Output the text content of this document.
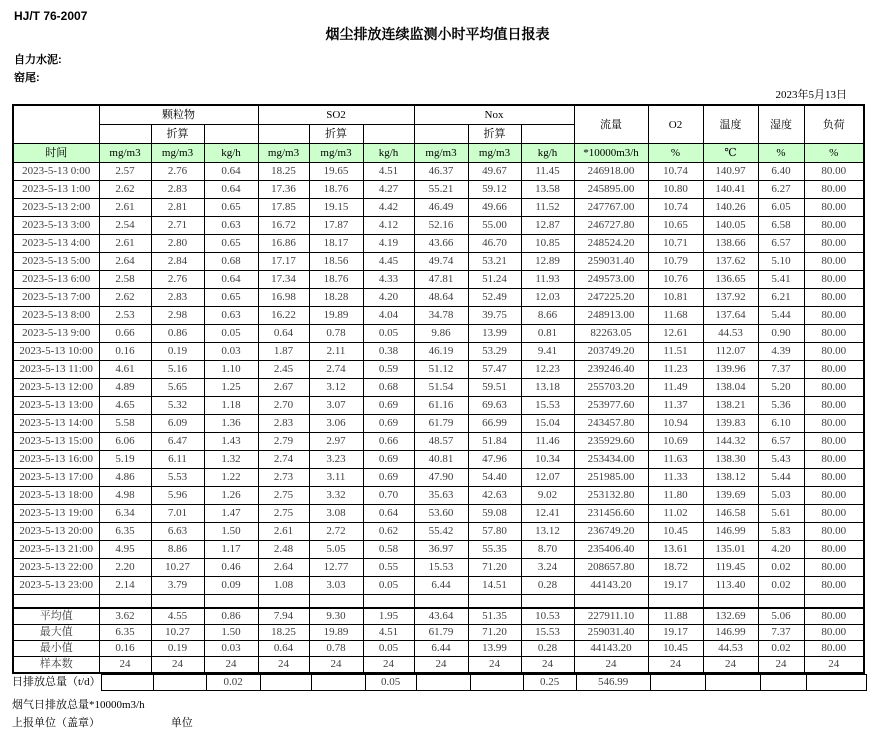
HJ/T 76-2007
烟尘排放连续监测小时平均值日报表
自力水泥:
窑尾:
2023年5月13日
	颗粒物			SO2			Nox			流量	O2	温度	湿度	负荷
		折算			折算			折算						
时间	mg/m3	mg/m3	kg/h	mg/m3	mg/m3	kg/h	mg/m3	mg/m3	kg/h	*10000m3/h	%	℃	%	%
2023-5-13 0:00	2.57	2.76	0.64	18.25	19.65	4.51	46.37	49.67	11.45	246918.00	10.74	140.97	6.40	80.00
2023-5-13 1:00	2.62	2.83	0.64	17.36	18.76	4.27	55.21	59.12	13.58	245895.00	10.80	140.41	6.27	80.00
2023-5-13 2:00	2.61	2.81	0.65	17.85	19.15	4.42	46.49	49.66	11.52	247767.00	10.74	140.26	6.05	80.00
2023-5-13 3:00	2.54	2.71	0.63	16.72	17.87	4.12	52.16	55.00	12.87	246727.80	10.65	140.05	6.58	80.00
2023-5-13 4:00	2.61	2.80	0.65	16.86	18.17	4.19	43.66	46.70	10.85	248524.20	10.71	138.66	6.57	80.00
2023-5-13 5:00	2.64	2.84	0.68	17.17	18.56	4.45	49.74	53.21	12.89	259031.40	10.79	137.62	5.10	80.00
2023-5-13 6:00	2.58	2.76	0.64	17.34	18.76	4.33	47.81	51.24	11.93	249573.00	10.76	136.65	5.41	80.00
2023-5-13 7:00	2.62	2.83	0.65	16.98	18.28	4.20	48.64	52.49	12.03	247225.20	10.81	137.92	6.21	80.00
2023-5-13 8:00	2.53	2.98	0.63	16.22	19.89	4.04	34.78	39.75	8.66	248913.00	11.68	137.64	5.44	80.00
2023-5-13 9:00	0.66	0.86	0.05	0.64	0.78	0.05	9.86	13.99	0.81	82263.05	12.61	44.53	0.90	80.00
2023-5-13 10:00	0.16	0.19	0.03	1.87	2.11	0.38	46.19	53.29	9.41	203749.20	11.51	112.07	4.39	80.00
2023-5-13 11:00	4.61	5.16	1.10	2.45	2.74	0.59	51.12	57.47	12.23	239246.40	11.23	139.96	7.37	80.00
2023-5-13 12:00	4.89	5.65	1.25	2.67	3.12	0.68	51.54	59.51	13.18	255703.20	11.49	138.04	5.20	80.00
2023-5-13 13:00	4.65	5.32	1.18	2.70	3.07	0.69	61.16	69.63	15.53	253977.60	11.37	138.21	5.36	80.00
2023-5-13 14:00	5.58	6.09	1.36	2.83	3.06	0.69	61.79	66.99	15.04	243457.80	10.94	139.83	6.10	80.00
2023-5-13 15:00	6.06	6.47	1.43	2.79	2.97	0.66	48.57	51.84	11.46	235929.60	10.69	144.32	6.57	80.00
2023-5-13 16:00	5.19	6.11	1.32	2.74	3.23	0.69	40.81	47.96	10.34	253434.00	11.63	138.30	5.43	80.00
2023-5-13 17:00	4.86	5.53	1.22	2.73	3.11	0.69	47.90	54.40	12.07	251985.00	11.33	138.12	5.44	80.00
2023-5-13 18:00	4.98	5.96	1.26	2.75	3.32	0.70	35.63	42.63	9.02	253132.80	11.80	139.69	5.03	80.00
2023-5-13 19:00	6.34	7.01	1.47	2.75	3.08	0.64	53.60	59.08	12.41	231456.60	11.02	146.58	5.61	80.00
2023-5-13 20:00	6.35	6.63	1.50	2.61	2.72	0.62	55.42	57.80	13.12	236749.20	10.45	146.99	5.83	80.00
2023-5-13 21:00	4.95	8.86	1.17	2.48	5.05	0.58	36.97	55.35	8.70	235406.40	13.61	135.01	4.20	80.00
2023-5-13 22:00	2.20	10.27	0.46	2.64	12.77	0.55	15.53	71.20	3.24	208657.80	18.72	119.45	0.02	80.00
2023-5-13 23:00	2.14	3.79	0.09	1.08	3.03	0.05	6.44	14.51	0.28	44143.20	19.17	113.40	0.02	80.00

平均值	3.62	4.55	0.86	7.94	9.30	1.95	43.64	51.35	10.53	227911.10	11.88	132.69	5.06	80.00
最大值	6.35	10.27	1.50	18.25	19.89	4.51	61.79	71.20	15.53	259031.40	19.17	146.99	7.37	80.00
最小值	0.16	0.19	0.03	0.64	0.78	0.05	6.44	13.99	0.28	44143.20	10.45	44.53	0.02	80.00
样本数	24	24	24	24	24	24	24	24	24	24	24	24	24	24
日排放总量（t/d）			0.02			0.05			0.25	546.99				
烟气日排放总量*10000m3/h
上报单位（盖章）	单位
